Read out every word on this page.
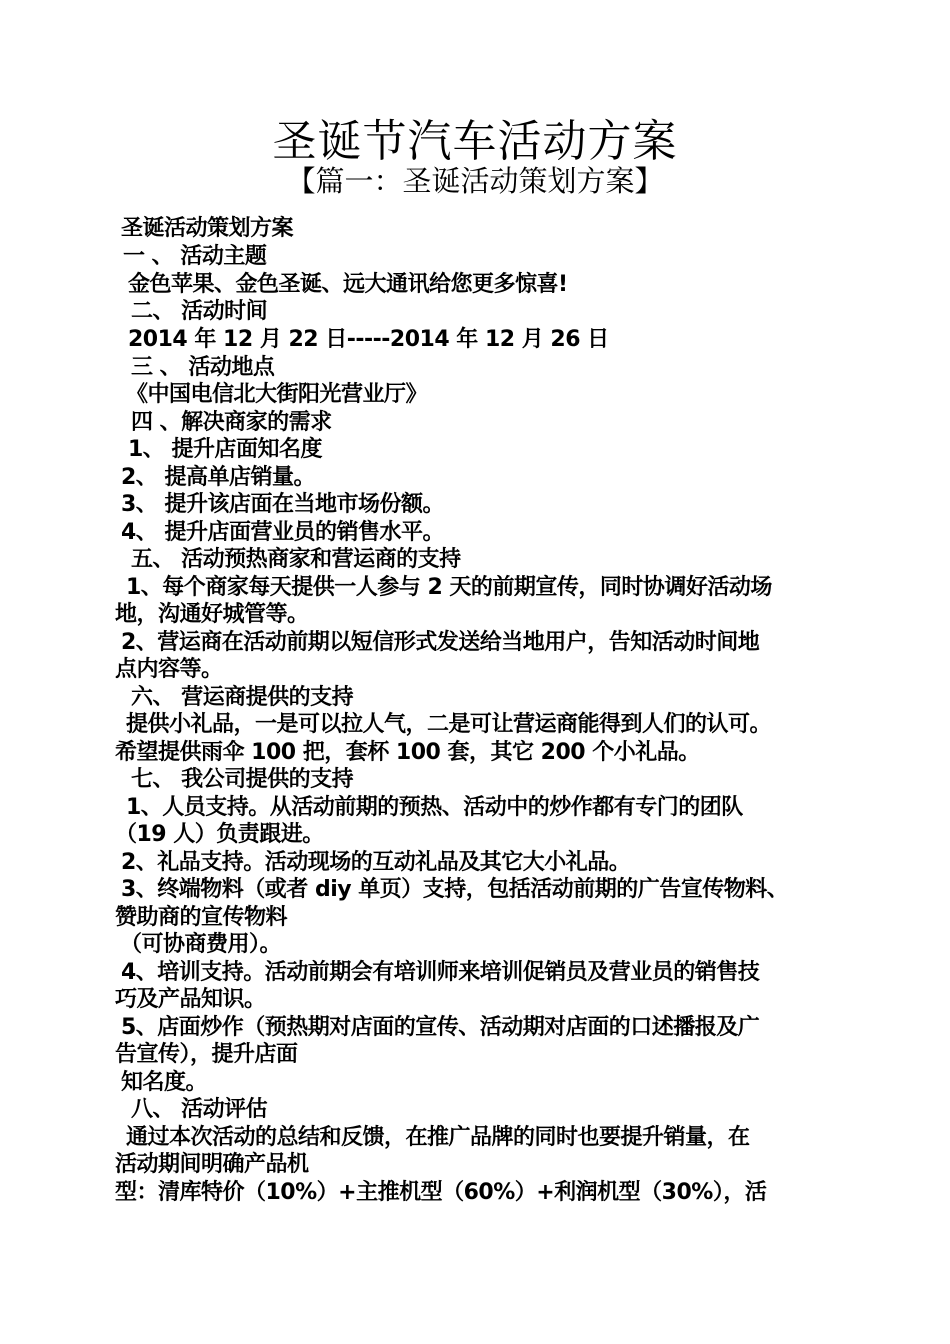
圣诞节汽车活动方案
【篇一：圣诞活动策划方案】
圣诞活动策划方案
一 、 活动主题
金色苹果、金色圣诞、远大通讯给您更多惊喜!
二、 活动时间
2014 年 12 月 22 日-----2014 年 12 月 26 日
三 、 活动地点
《中国电信北大街阳光营业厅》
四 、解决商家的需求
1、 提升店面知名度
2、 提高单店销量。
3、 提升该店面在当地市场份额。
4、 提升店面营业员的销售水平。
五、 活动预热商家和营运商的支持
1、每个商家每天提供一人参与 2 天的前期宣传，同时协调好活动场
地，沟通好城管等。
2、营运商在活动前期以短信形式发送给当地用户，告知活动时间地
点内容等。
六、 营运商提供的支持
提供小礼品，一是可以拉人气，二是可让营运商能得到人们的认可。
希望提供雨伞 100 把，套杯 100 套，其它 200 个小礼品。
七、 我公司提供的支持
1、人员支持。从活动前期的预热、活动中的炒作都有专门的团队
（19 人）负责跟进。
2、礼品支持。活动现场的互动礼品及其它大小礼品。
3、终端物料（或者 diy 单页）支持，包括活动前期的广告宣传物料、
赞助商的宣传物料
（可协商费用）。
4、培训支持。活动前期会有培训师来培训促销员及营业员的销售技
巧及产品知识。
5、店面炒作（预热期对店面的宣传、活动期对店面的口述播报及广
告宣传），提升店面
知名度。
八、 活动评估
通过本次活动的总结和反馈，在推广品牌的同时也要提升销量，在
活动期间明确产品机
型：清库特价（10%）+主推机型（60%）+利润机型（30%），活
